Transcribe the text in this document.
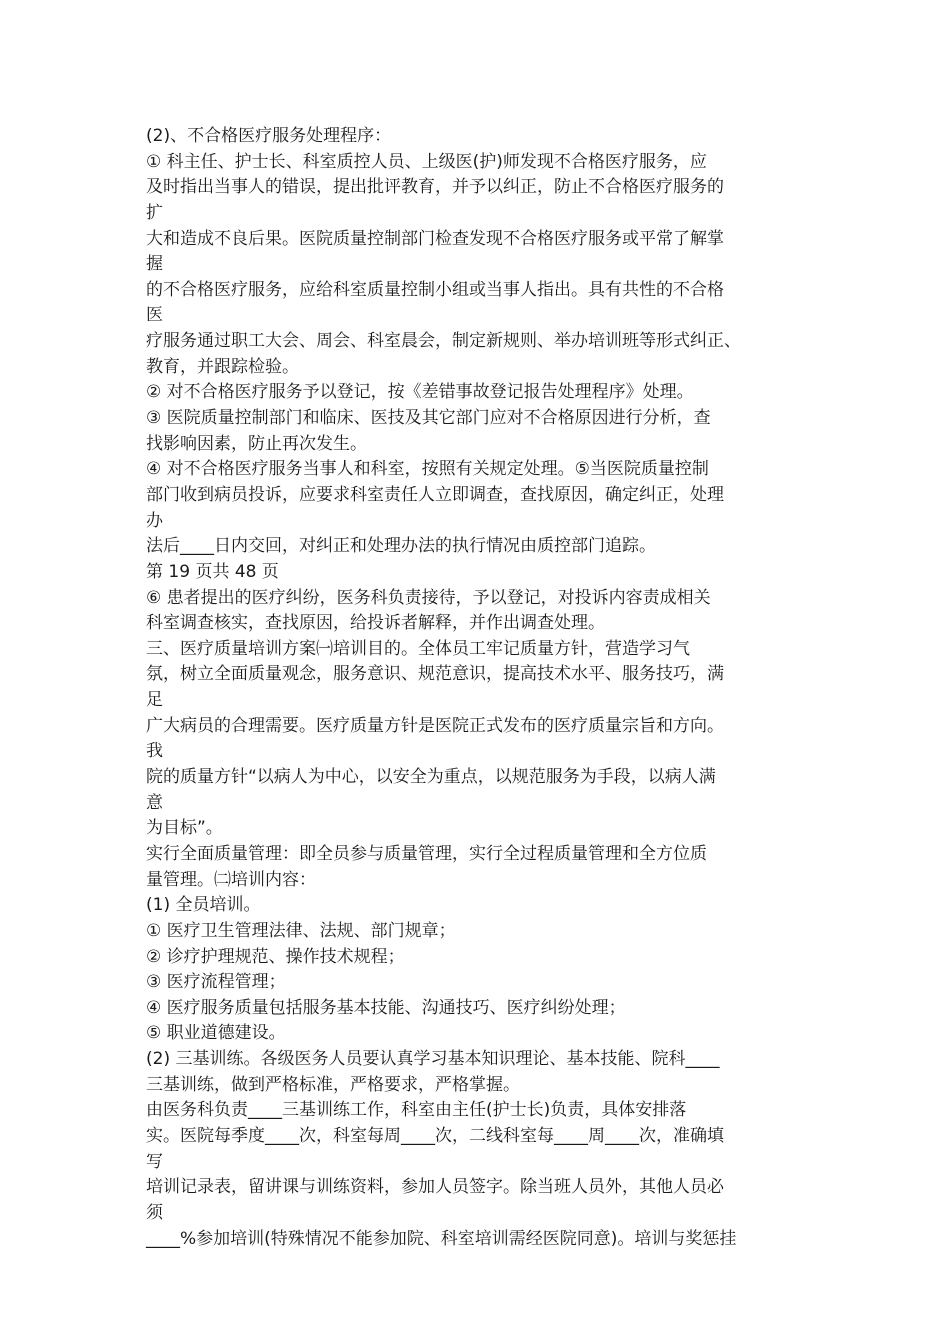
(2)、不合格医疗服务处理程序：
① 科主任、护士长、科室质控人员、上级医(护)师发现不合格医疗服务，应
及时指出当事人的错误，提出批评教育，并予以纠正，防止不合格医疗服务的
扩
大和造成不良后果。医院质量控制部门检查发现不合格医疗服务或平常了解掌
握
的不合格医疗服务，应给科室质量控制小组或当事人指出。具有共性的不合格
医
疗服务通过职工大会、周会、科室晨会，制定新规则、举办培训班等形式纠正、
教育，并跟踪检验。
② 对不合格医疗服务予以登记，按《差错事故登记报告处理程序》处理。
③ 医院质量控制部门和临床、医技及其它部门应对不合格原因进行分析，查
找影响因素，防止再次发生。
④ 对不合格医疗服务当事人和科室，按照有关规定处理。⑤当医院质量控制
部门收到病员投诉，应要求科室责任人立即调查，查找原因，确定纠正，处理
办
法后____日内交回，对纠正和处理办法的执行情况由质控部门追踪。
第 19 页共 48 页
⑥ 患者提出的医疗纠纷，医务科负责接待，予以登记，对投诉内容责成相关
科室调查核实，查找原因，给投诉者解释，并作出调查处理。
三、医疗质量培训方案㈠培训目的。全体员工牢记质量方针，营造学习气
氛，树立全面质量观念，服务意识、规范意识，提高技术水平、服务技巧，满
足
广大病员的合理需要。医疗质量方针是医院正式发布的医疗质量宗旨和方向。
我
院的质量方针“以病人为中心，以安全为重点，以规范服务为手段，以病人满
意
为目标”。
实行全面质量管理：即全员参与质量管理，实行全过程质量管理和全方位质
量管理。㈡培训内容：
(1) 全员培训。
① 医疗卫生管理法律、法规、部门规章；
② 诊疗护理规范、操作技术规程；
③ 医疗流程管理；
④ 医疗服务质量包括服务基本技能、沟通技巧、医疗纠纷处理；
⑤ 职业道德建设。
(2) 三基训练。各级医务人员要认真学习基本知识理论、基本技能、院科____
三基训练，做到严格标准，严格要求，严格掌握。
由医务科负责____三基训练工作，科室由主任(护士长)负责，具体安排落
实。医院每季度____次，科室每周____次，二线科室每____周____次，准确填
写
培训记录表，留讲课与训练资料，参加人员签字。除当班人员外，其他人员必
须
____%参加培训(特殊情况不能参加院、科室培训需经医院同意)。培训与奖惩挂
